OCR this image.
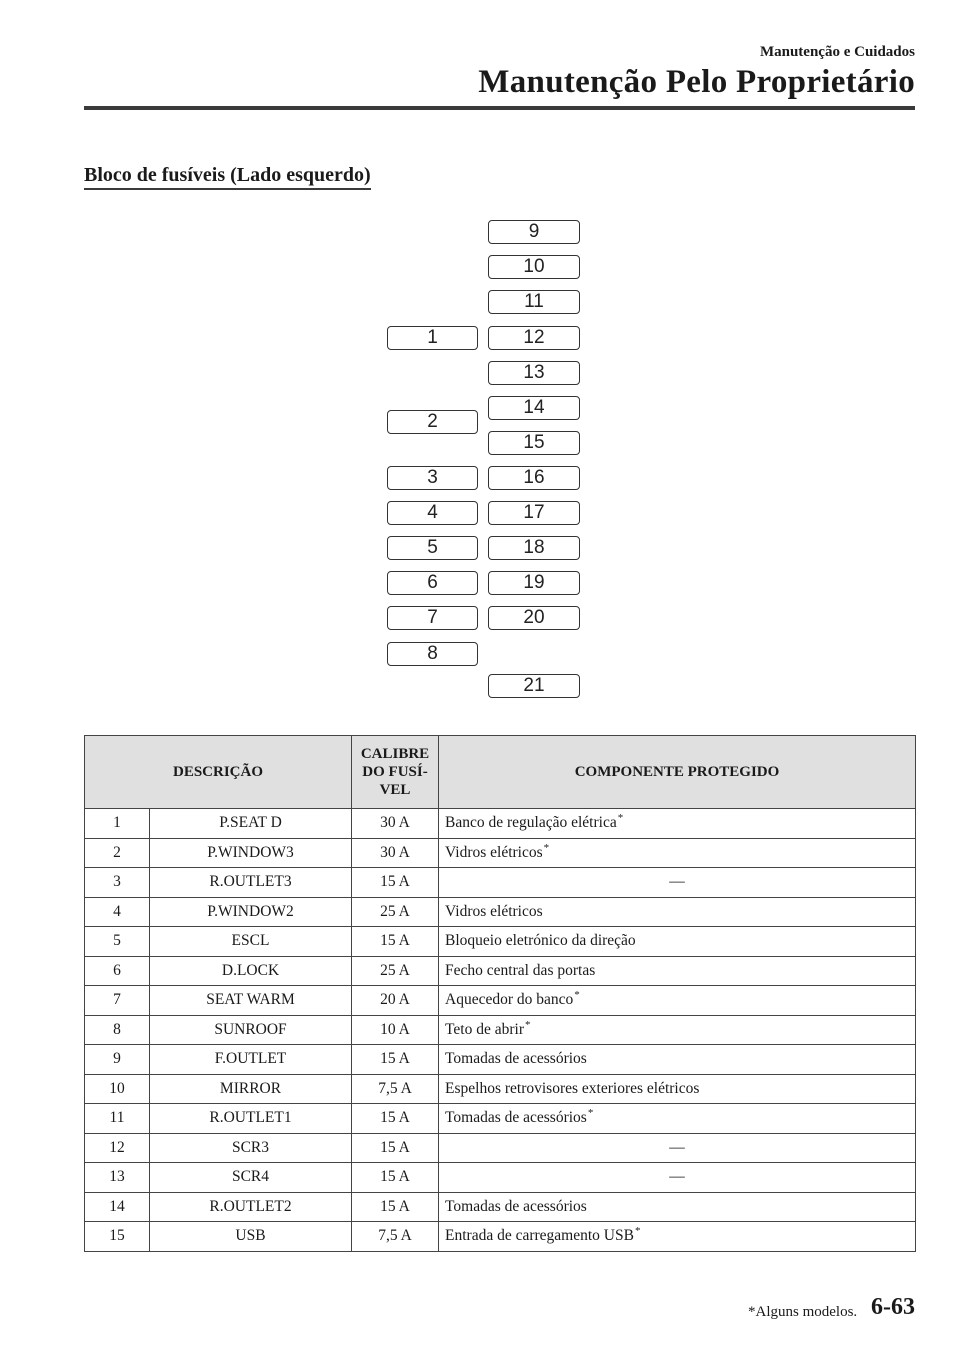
Manutenção e Cuidados
Manutenção Pelo Proprietário
Bloco de fusíveis (Lado esquerdo)
1
2
3
4
5
6
7
8
9
10
11
12
13
14
15
16
17
18
19
20
21
DESCRIÇÃO		CALIBRE DO FUSÍ-VEL	COMPONENTE PROTEGIDO
1	P.SEAT D	30 A	Banco de regulação elétrica*
2	P.WINDOW3	30 A	Vidros elétricos*
3	R.OUTLET3	15 A	―
4	P.WINDOW2	25 A	Vidros elétricos
5	ESCL	15 A	Bloqueio eletrónico da direção
6	D.LOCK	25 A	Fecho central das portas
7	SEAT WARM	20 A	Aquecedor do banco*
8	SUNROOF	10 A	Teto de abrir*
9	F.OUTLET	15 A	Tomadas de acessórios
10	MIRROR	7,5 A	Espelhos retrovisores exteriores elétricos
11	R.OUTLET1	15 A	Tomadas de acessórios*
12	SCR3	15 A	―
13	SCR4	15 A	―
14	R.OUTLET2	15 A	Tomadas de acessórios
15	USB	7,5 A	Entrada de carregamento USB*
*Alguns modelos. 6-63
